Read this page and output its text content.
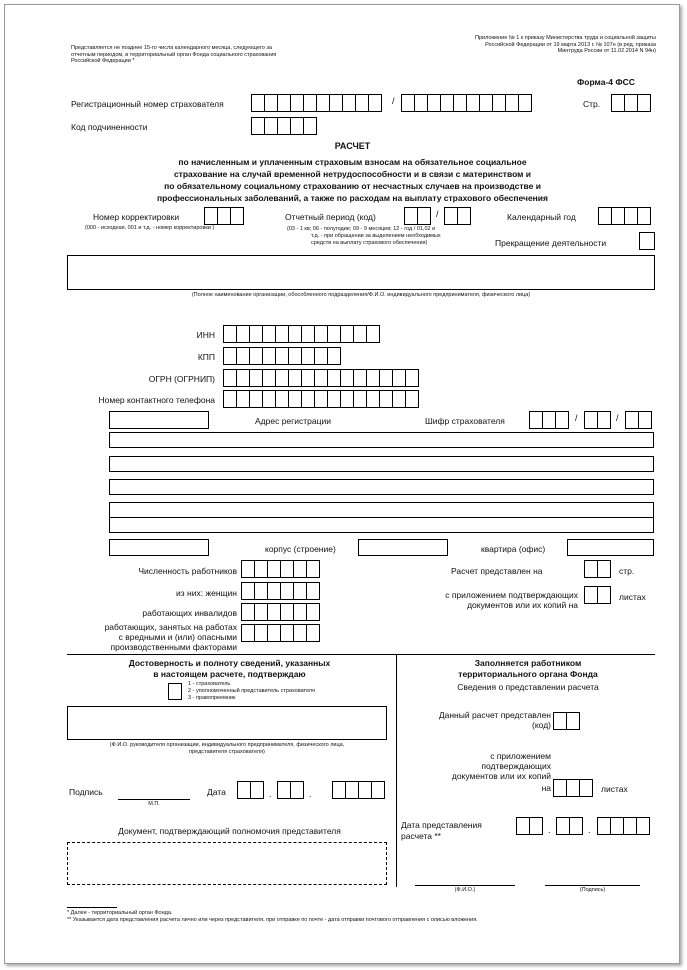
Представляется не позднее 15-го числа календарного месяца, следующего за отчетным периодом, в территориальный орган Фонда социального страхования Российской Федерации *
Приложение № 1 к приказу Министерства труда и социальной защиты Российской Федерации от 19 марта 2013 г. № 107н (в ред. приказа Минтруда России от 11.02.2014 N 94н)
Форма-4 ФСС
Регистрационный номер страхователя	/	Стр.
Код подчиненности
РАСЧЕТ
по начисленным и уплаченным страховым взносам на обязательное социальное
страхование на случай временной нетрудоспособности и в связи с материнством и
по обязательному социальному страхованию от несчастных случаев на производстве и
профессиональных заболеваний, а также по расходам на выплату страхового обеспечения
Номер корректировки
(000 - исходная, 001 и т.д. - номер корректировки )
Отчетный период (код)	/
(03 - 1 кв; 06 - полугодие; 09 - 9 месяцев; 12 - год / 01,02 и
т.д. - при обращении за выделением необходимых
средств на выплату страхового обеспечения)
Календарный год
Прекращение деятельности
(Полное наименование организации, обособленного подразделения/Ф.И.О. индивидуального предпринимателя, физического лица)
ИНН
КПП
ОГРН (ОГРНИП)
Номер контактного телефона
Адрес регистрации	Шифр страхователя	/	/
корпус (строение)	квартира (офис)
Численность работников
из них: женщин
работающих инвалидов
работающих, занятых на работах
с вредными и (или) опасными
производственными факторами
Расчет представлен на	стр.
с приложением подтверждающих
документов или их копий на
листах
Достоверность и полноту сведений, указанных
в настоящем расчете, подтверждаю
1 - страхователь
2 - уполномоченный представитель страхователя
3 - правопреемник
(Ф.И.О. руководителя организации, индивидуального предпринимателя, физического лица,
представителя страхователя)
Подпись
М.П.
Дата	.	.
Документ, подтверждающий полномочия представителя
Заполняется работником
территориального органа Фонда
Сведения о представлении расчета
Данный расчет представлен
(код)
с приложением
подтверждающих
документов или их копий
на	листах
Дата представления
расчета **
.	.
(Ф.И.О.)	(Подпись)
* Далее - территориальный орган Фонда.
** Указывается дата представления расчета лично или через представителя, при отправке по почте - дата отправки почтового отправления с описью вложения.
